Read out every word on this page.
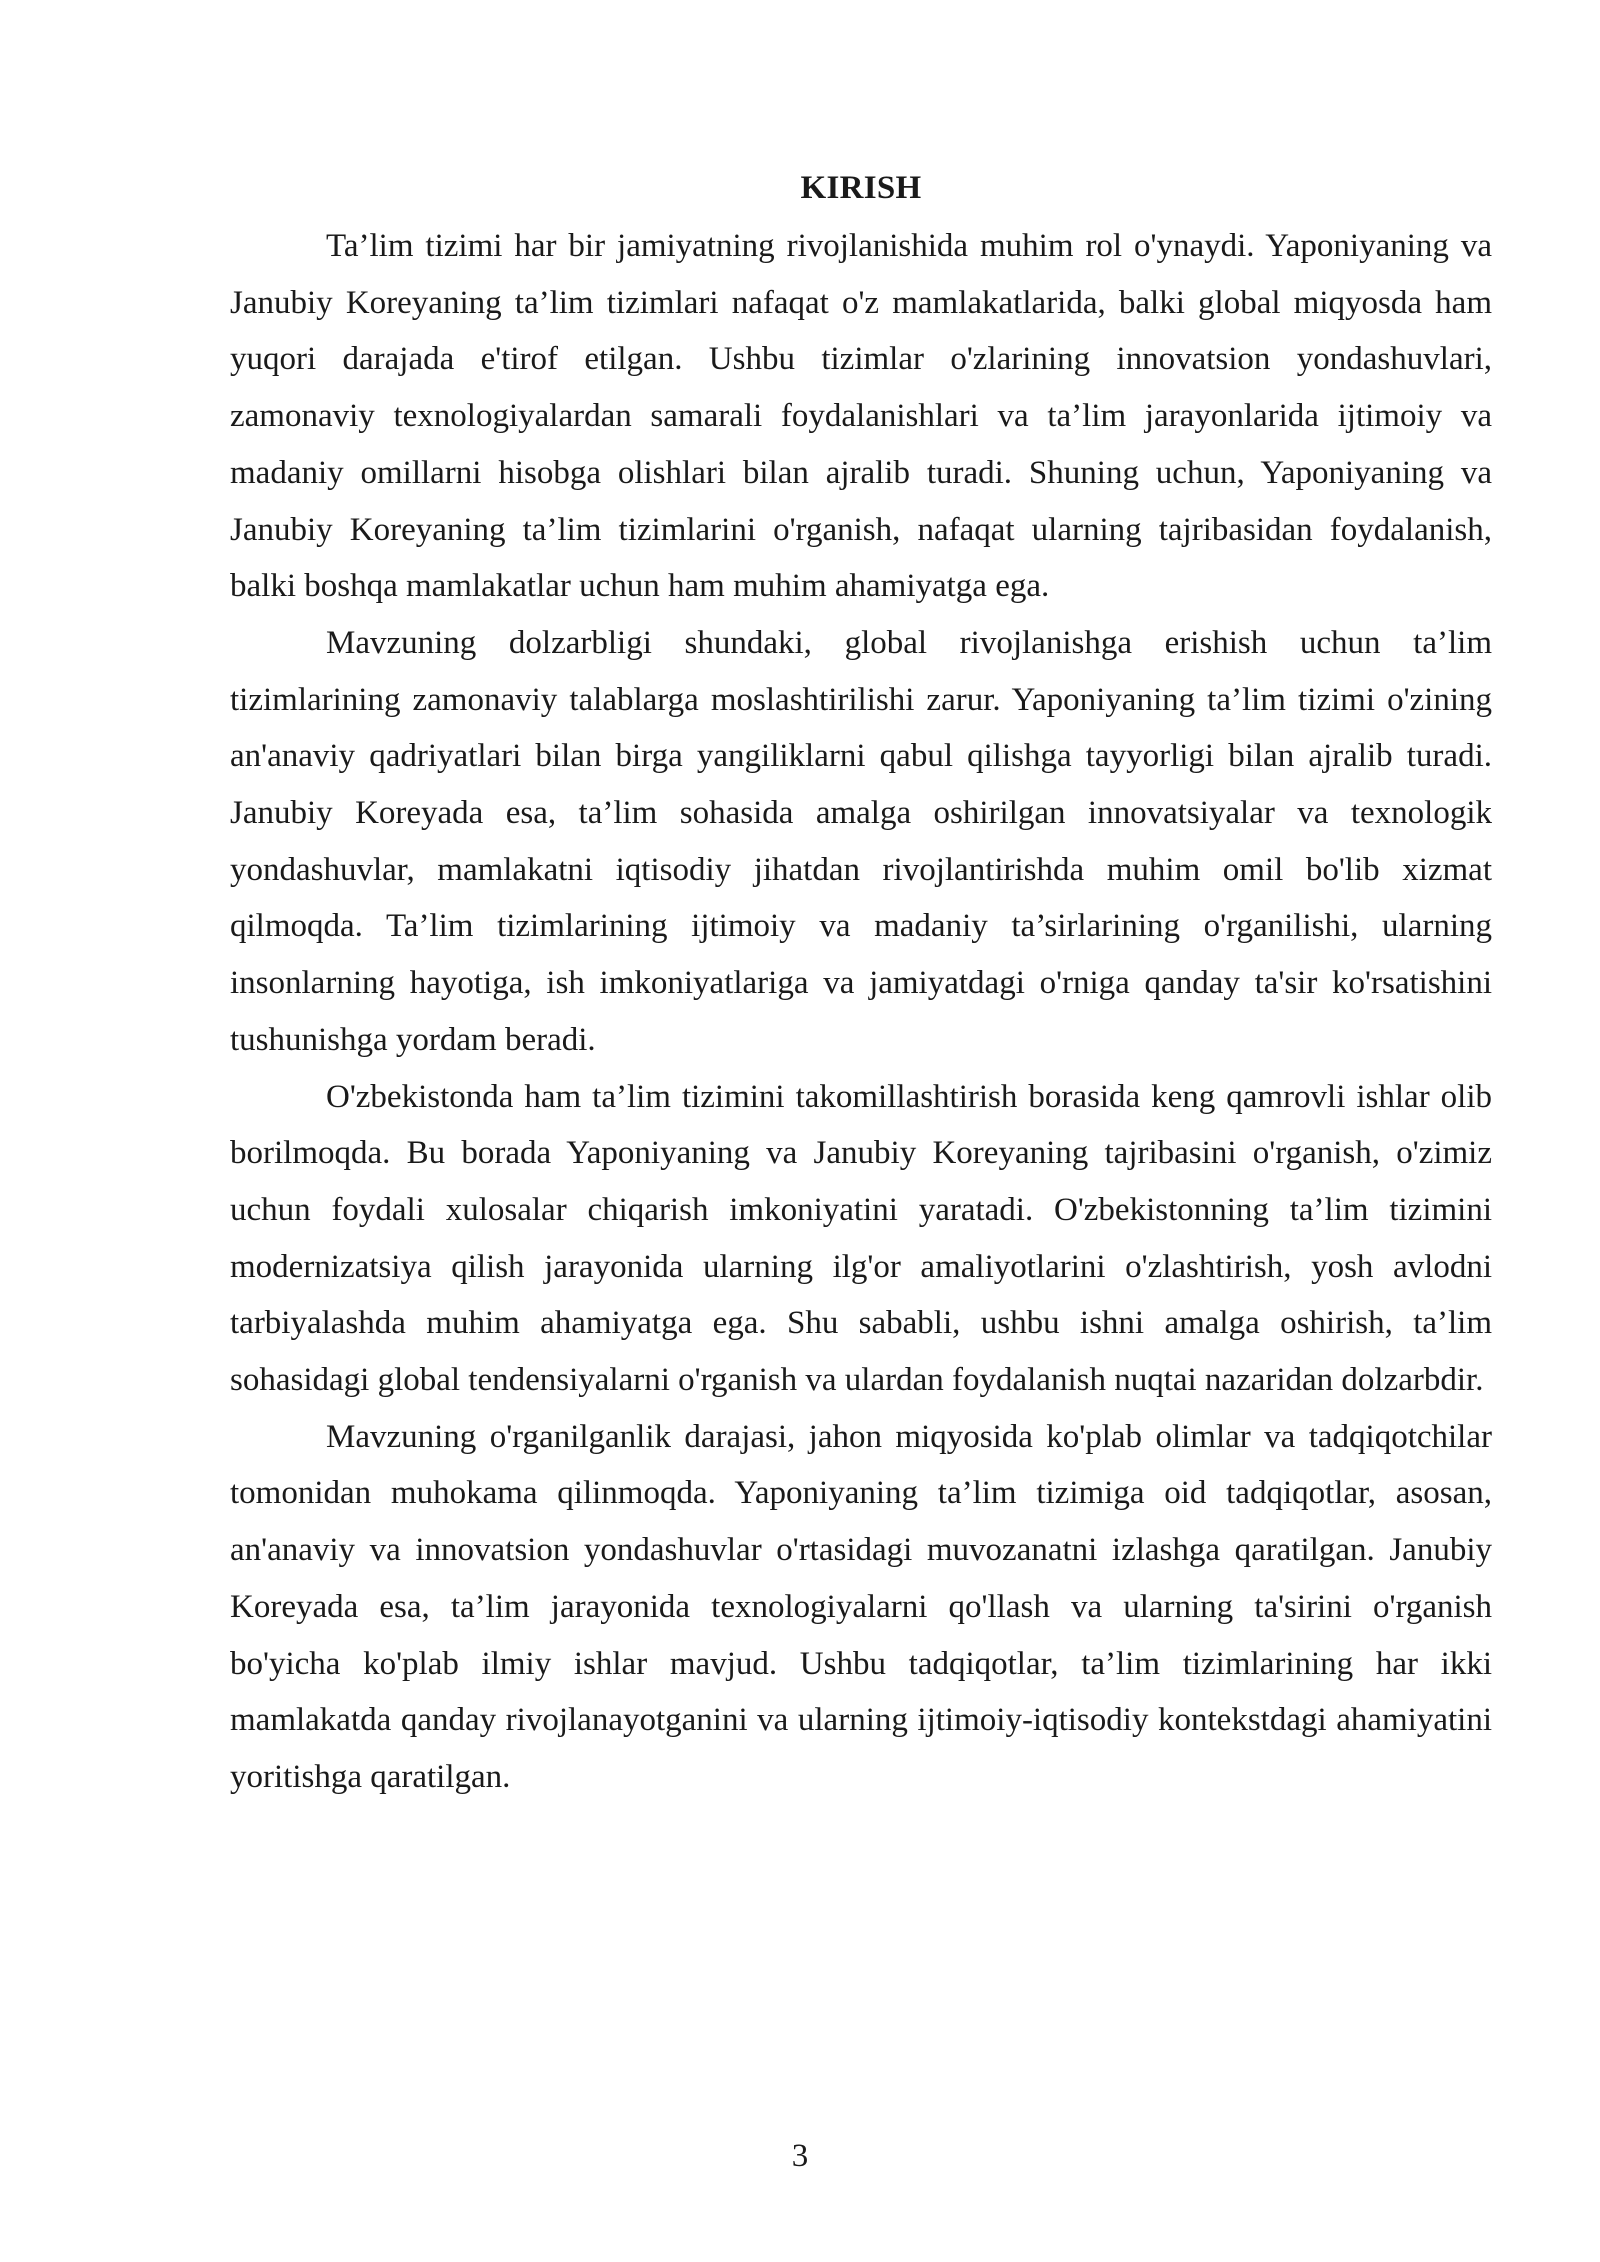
KIRISH

Ta’lim tizimi har bir jamiyatning rivojlanishida muhim rol o'ynaydi. Yaponiyaning va Janubiy Koreyaning ta’lim tizimlari nafaqat o'z mamlakatlarida, balki global miqyosda ham yuqori darajada e'tirof etilgan. Ushbu tizimlar o'zlarining innovatsion yondashuvlari, zamonaviy texnologiyalardan samarali foydalanishlari va ta’lim jarayonlarida ijtimoiy va madaniy omillarni hisobga olishlari bilan ajralib turadi. Shuning uchun, Yaponiyaning va Janubiy Koreyaning ta’lim tizimlarini o'rganish, nafaqat ularning tajribasidan foydalanish, balki boshqa mamlakatlar uchun ham muhim ahamiyatga ega.

Mavzuning dolzarbligi shundaki, global rivojlanishga erishish uchun ta’lim tizimlarining zamonaviy talablarga moslashtirilishi zarur. Yaponiyaning ta’lim tizimi o'zining an'anaviy qadriyatlari bilan birga yangiliklarni qabul qilishga tayyorligi bilan ajralib turadi. Janubiy Koreyada esa, ta’lim sohasida amalga oshirilgan innovatsiyalar va texnologik yondashuvlar, mamlakatni iqtisodiy jihatdan rivojlantirishda muhim omil bo'lib xizmat qilmoqda. Ta’lim tizimlarining ijtimoiy va madaniy ta’sirlarining o'rganilishi, ularning insonlarning hayotiga, ish imkoniyatlariga va jamiyatdagi o'rniga qanday ta'sir ko'rsatishini tushunishga yordam beradi.

O'zbekistonda ham ta’lim tizimini takomillashtirish borasida keng qamrovli ishlar olib borilmoqda. Bu borada Yaponiyaning va Janubiy Koreyaning tajribasini o'rganish, o'zimiz uchun foydali xulosalar chiqarish imkoniyatini yaratadi. O'zbekistonning ta’lim tizimini modernizatsiya qilish jarayonida ularning ilg'or amaliyotlarini o'zlashtirish, yosh avlodni tarbiyalashda muhim ahamiyatga ega. Shu sababli, ushbu ishni amalga oshirish, ta’lim sohasidagi global tendensiyalarni o'rganish va ulardan foydalanish nuqtai nazaridan dolzarbdir.

Mavzuning o'rganilganlik darajasi, jahon miqyosida ko'plab olimlar va tadqiqotchilar tomonidan muhokama qilinmoqda. Yaponiyaning ta’lim tizimiga oid tadqiqotlar, asosan, an'anaviy va innovatsion yondashuvlar o'rtasidagi muvozanatni izlashga qaratilgan. Janubiy Koreyada esa, ta’lim jarayonida texnologiyalarni qo'llash va ularning ta'sirini o'rganish bo'yicha ko'plab ilmiy ishlar mavjud. Ushbu tadqiqotlar, ta’lim tizimlarining har ikki mamlakatda qanday rivojlanayotganini va ularning ijtimoiy-iqtisodiy kontekstdagi ahamiyatini yoritishga qaratilgan.

3
